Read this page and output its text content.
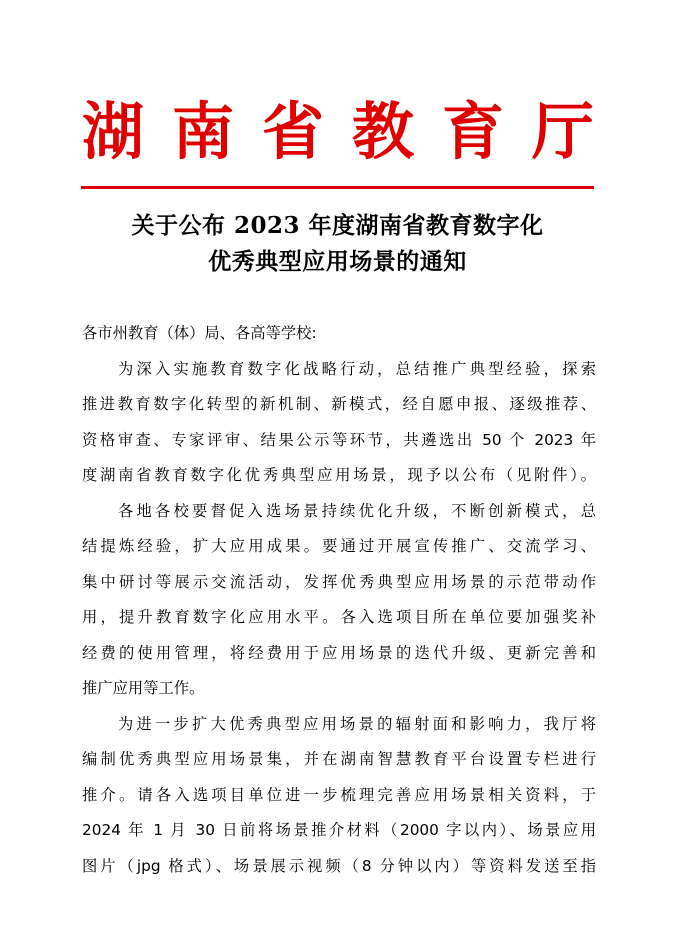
湖 南 省 教 育 厅
关于公布 2023 年度湖南省教育数字化
优秀典型应用场景的通知
各市州教育（体）局、各高等学校:
为深入实施教育数字化战略行动，总结推广典型经验，探索
推进教育数字化转型的新机制、新模式，经自愿申报、逐级推荐、
资格审查、专家评审、结果公示等环节，共遴选出 50 个 2023 年
度湖南省教育数字化优秀典型应用场景，现予以公布（见附件）。
各地各校要督促入选场景持续优化升级，不断创新模式，总
结提炼经验，扩大应用成果。要通过开展宣传推广、交流学习、
集中研讨等展示交流活动，发挥优秀典型应用场景的示范带动作
用，提升教育数字化应用水平。各入选项目所在单位要加强奖补
经费的使用管理，将经费用于应用场景的迭代升级、更新完善和
推广应用等工作。
为进一步扩大优秀典型应用场景的辐射面和影响力，我厅将
编制优秀典型应用场景集，并在湖南智慧教育平台设置专栏进行
推介。请各入选项目单位进一步梳理完善应用场景相关资料，于
2024 年 1 月 30 日前将场景推介材料（2000 字以内）、场景应用
图片（jpg 格式）、场景展示视频（8 分钟以内）等资料发送至指
